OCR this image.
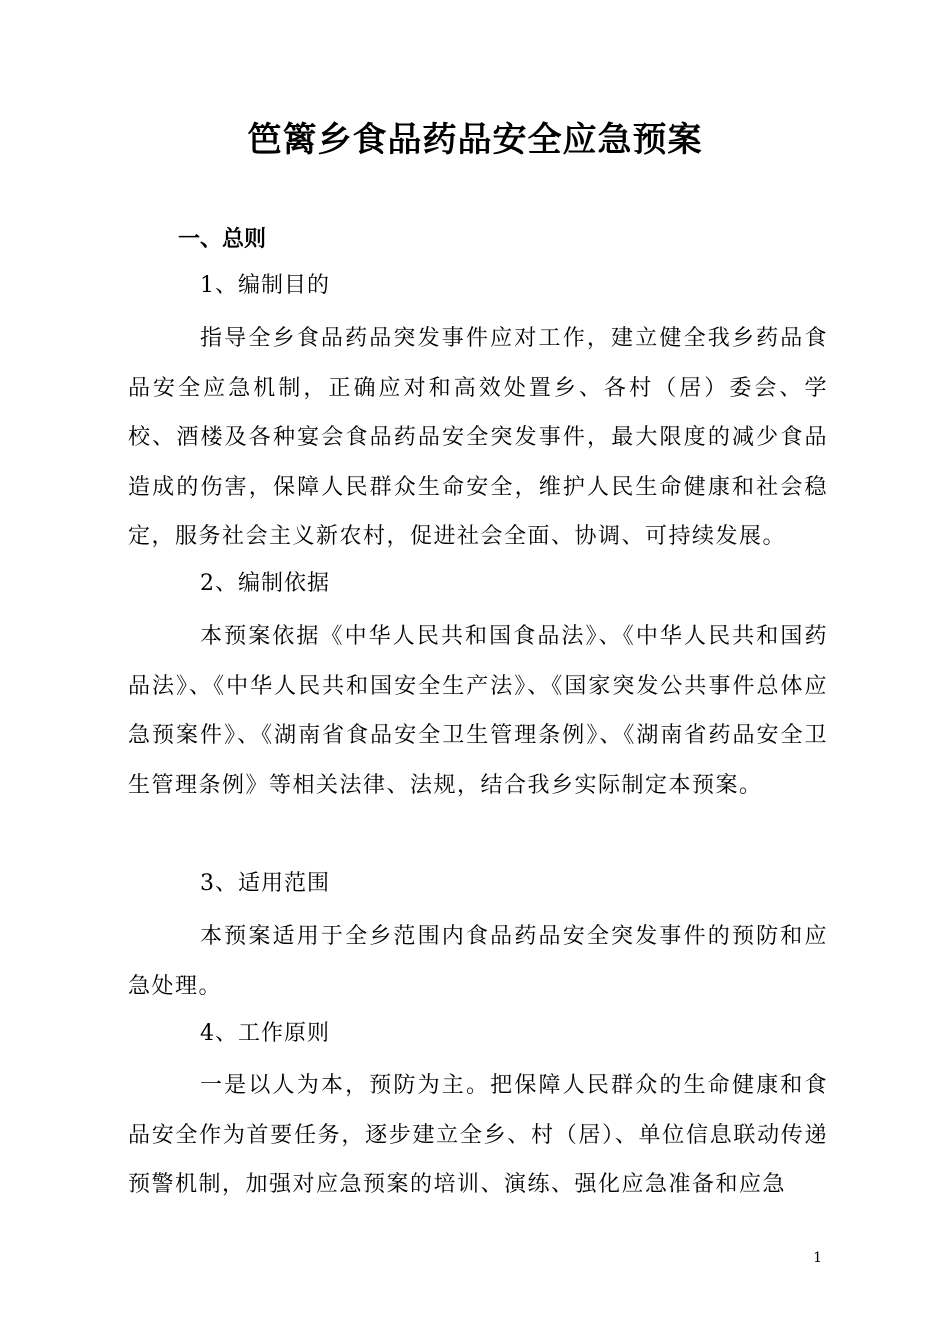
笆篱乡食品药品安全应急预案
一、总则
1、编制目的
指导全乡食品药品突发事件应对工作，建立健全我乡药品食品安全应急机制，正确应对和高效处置乡、各村（居）委会、学校、酒楼及各种宴会食品药品安全突发事件，最大限度的减少食品造成的伤害，保障人民群众生命安全，维护人民生命健康和社会稳定，服务社会主义新农村，促进社会全面、协调、可持续发展。
2、编制依据
本预案依据《中华人民共和国食品法》、《中华人民共和国药品法》、《中华人民共和国安全生产法》、《国家突发公共事件总体应急预案件》、《湖南省食品安全卫生管理条例》、《湖南省药品安全卫生管理条例》等相关法律、法规，结合我乡实际制定本预案。
3、适用范围
本预案适用于全乡范围内食品药品安全突发事件的预防和应急处理。
4、工作原则
一是以人为本，预防为主。把保障人民群众的生命健康和食品安全作为首要任务，逐步建立全乡、村（居）、单位信息联动传递预警机制，加强对应急预案的培训、演练、强化应急准备和应急
1
